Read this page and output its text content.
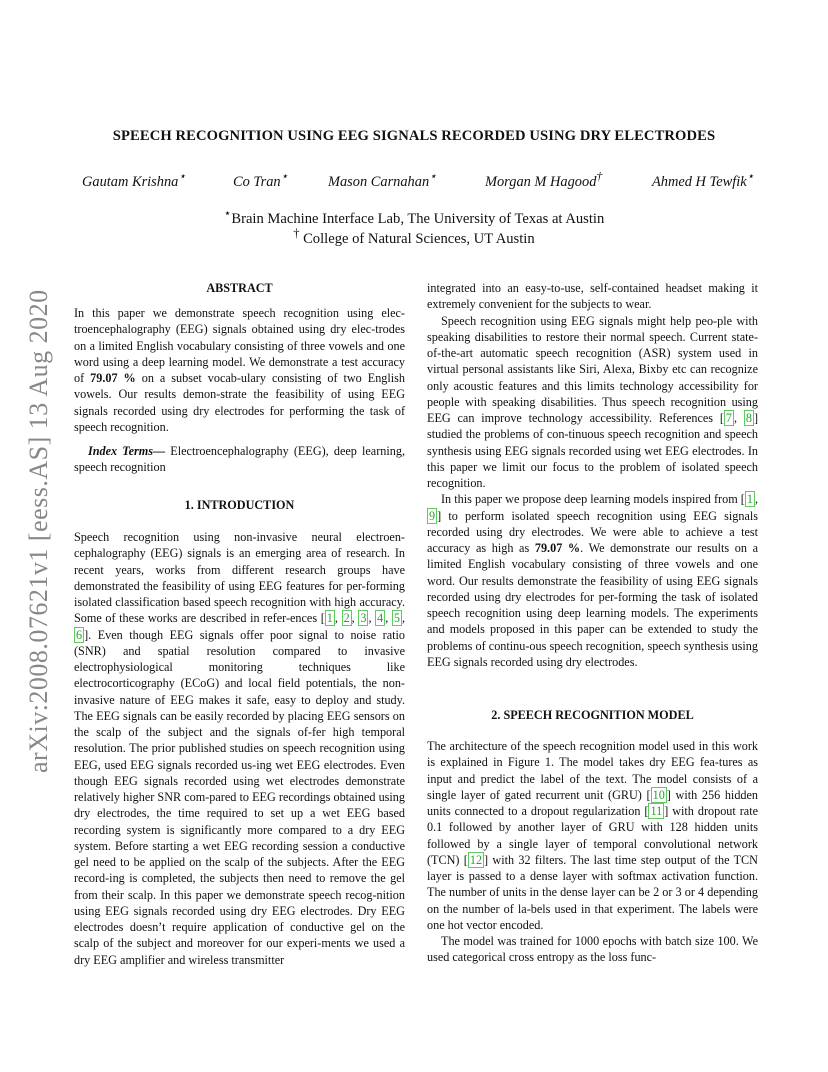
arXiv:2008.07621v1 [eess.AS] 13 Aug 2020
SPEECH RECOGNITION USING EEG SIGNALS RECORDED USING DRY ELECTRODES
Gautam Krishna⋆	Co Tran⋆	Mason Carnahan⋆	Morgan M Hagood†	Ahmed H Tewfik⋆
⋆Brain Machine Interface Lab, The University of Texas at Austin
† College of Natural Sciences, UT Austin
ABSTRACT

In this paper we demonstrate speech recognition using elec-troencephalography (EEG) signals obtained using dry elec-trodes on a limited English vocabulary consisting of three vowels and one word using a deep learning model. We demonstrate a test accuracy of 79.07 % on a subset vocab-ulary consisting of two English vowels. Our results demon-strate the feasibility of using EEG signals recorded using dry electrodes for performing the task of speech recognition.

Index Terms— Electroencephalography (EEG), deep learning, speech recognition

1. INTRODUCTION

Speech recognition using non-invasive neural electroen-cephalography (EEG) signals is an emerging area of research. In recent years, works from different research groups have demonstrated the feasibility of using EEG features for per-forming isolated classification based speech recognition with high accuracy. Some of these works are described in refer-ences [ 1 , 2 , 3 , 4 , 5 , 6 ]. Even though EEG signals offer poor signal to noise ratio (SNR) and spatial resolution compared to invasive electrophysiological monitoring techniques like electrocorticography (ECoG) and local field potentials, the non-invasive nature of EEG makes it safe, easy to deploy and study. The EEG signals can be easily recorded by placing EEG sensors on the scalp of the subject and the signals of-fer high temporal resolution. The prior published studies on speech recognition using EEG, used EEG signals recorded us-ing wet EEG electrodes. Even though EEG signals recorded using wet electrodes demonstrate relatively higher SNR com-pared to EEG recordings obtained using dry electrodes, the time required to set up a wet EEG based recording system is significantly more compared to a dry EEG system. Before starting a wet EEG recording session a conductive gel need to be applied on the scalp of the subjects. After the EEG record-ing is completed, the subjects then need to remove the gel from their scalp. In this paper we demonstrate speech recog-nition using EEG signals recorded using dry EEG electrodes. Dry EEG electrodes doesn’t require application of conductive gel on the scalp of the subject and moreover for our experi-ments we used a dry EEG amplifier and wireless transmitter

integrated into an easy-to-use, self-contained headset making it extremely convenient for the subjects to wear.

Speech recognition using EEG signals might help peo-ple with speaking disabilities to restore their normal speech. Current state-of-the-art automatic speech recognition (ASR) system used in virtual personal assistants like Siri, Alexa, Bixby etc can recognize only acoustic features and this limits technology accessibility for people with speaking disabilities. Thus speech recognition using EEG can improve technology accessibility. References [ 7 , 8 ] studied the problems of con-tinuous speech recognition and speech synthesis using EEG signals recorded using wet EEG electrodes. In this paper we limit our focus to the problem of isolated speech recognition.

In this paper we propose deep learning models inspired from [ 1 , 9 ] to perform isolated speech recognition using EEG signals recorded using dry electrodes. We were able to achieve a test accuracy as high as 79.07 %. We demonstrate our results on a limited English vocabulary consisting of three vowels and one word. Our results demonstrate the feasibility of using EEG signals recorded using dry electrodes for per-forming the task of isolated speech recognition using deep learning models. The experiments and models proposed in this paper can be extended to study the problems of continu-ous speech recognition, speech synthesis using EEG signals recorded using dry electrodes.

2. SPEECH RECOGNITION MODEL

The architecture of the speech recognition model used in this work is explained in Figure 1. The model takes dry EEG fea-tures as input and predict the label of the text. The model consists of a single layer of gated recurrent unit (GRU) [ 10 ] with 256 hidden units connected to a dropout regularization [ 11 ] with dropout rate 0.1 followed by another layer of GRU with 128 hidden units followed by a single layer of temporal convolutional network (TCN) [ 12 ] with 32 filters. The last time step output of the TCN layer is passed to a dense layer with softmax activation function. The number of units in the dense layer can be 2 or 3 or 4 depending on the number of la-bels used in that experiment. The labels were one hot vector encoded.

The model was trained for 1000 epochs with batch size 100. We used categorical cross entropy as the loss func-
